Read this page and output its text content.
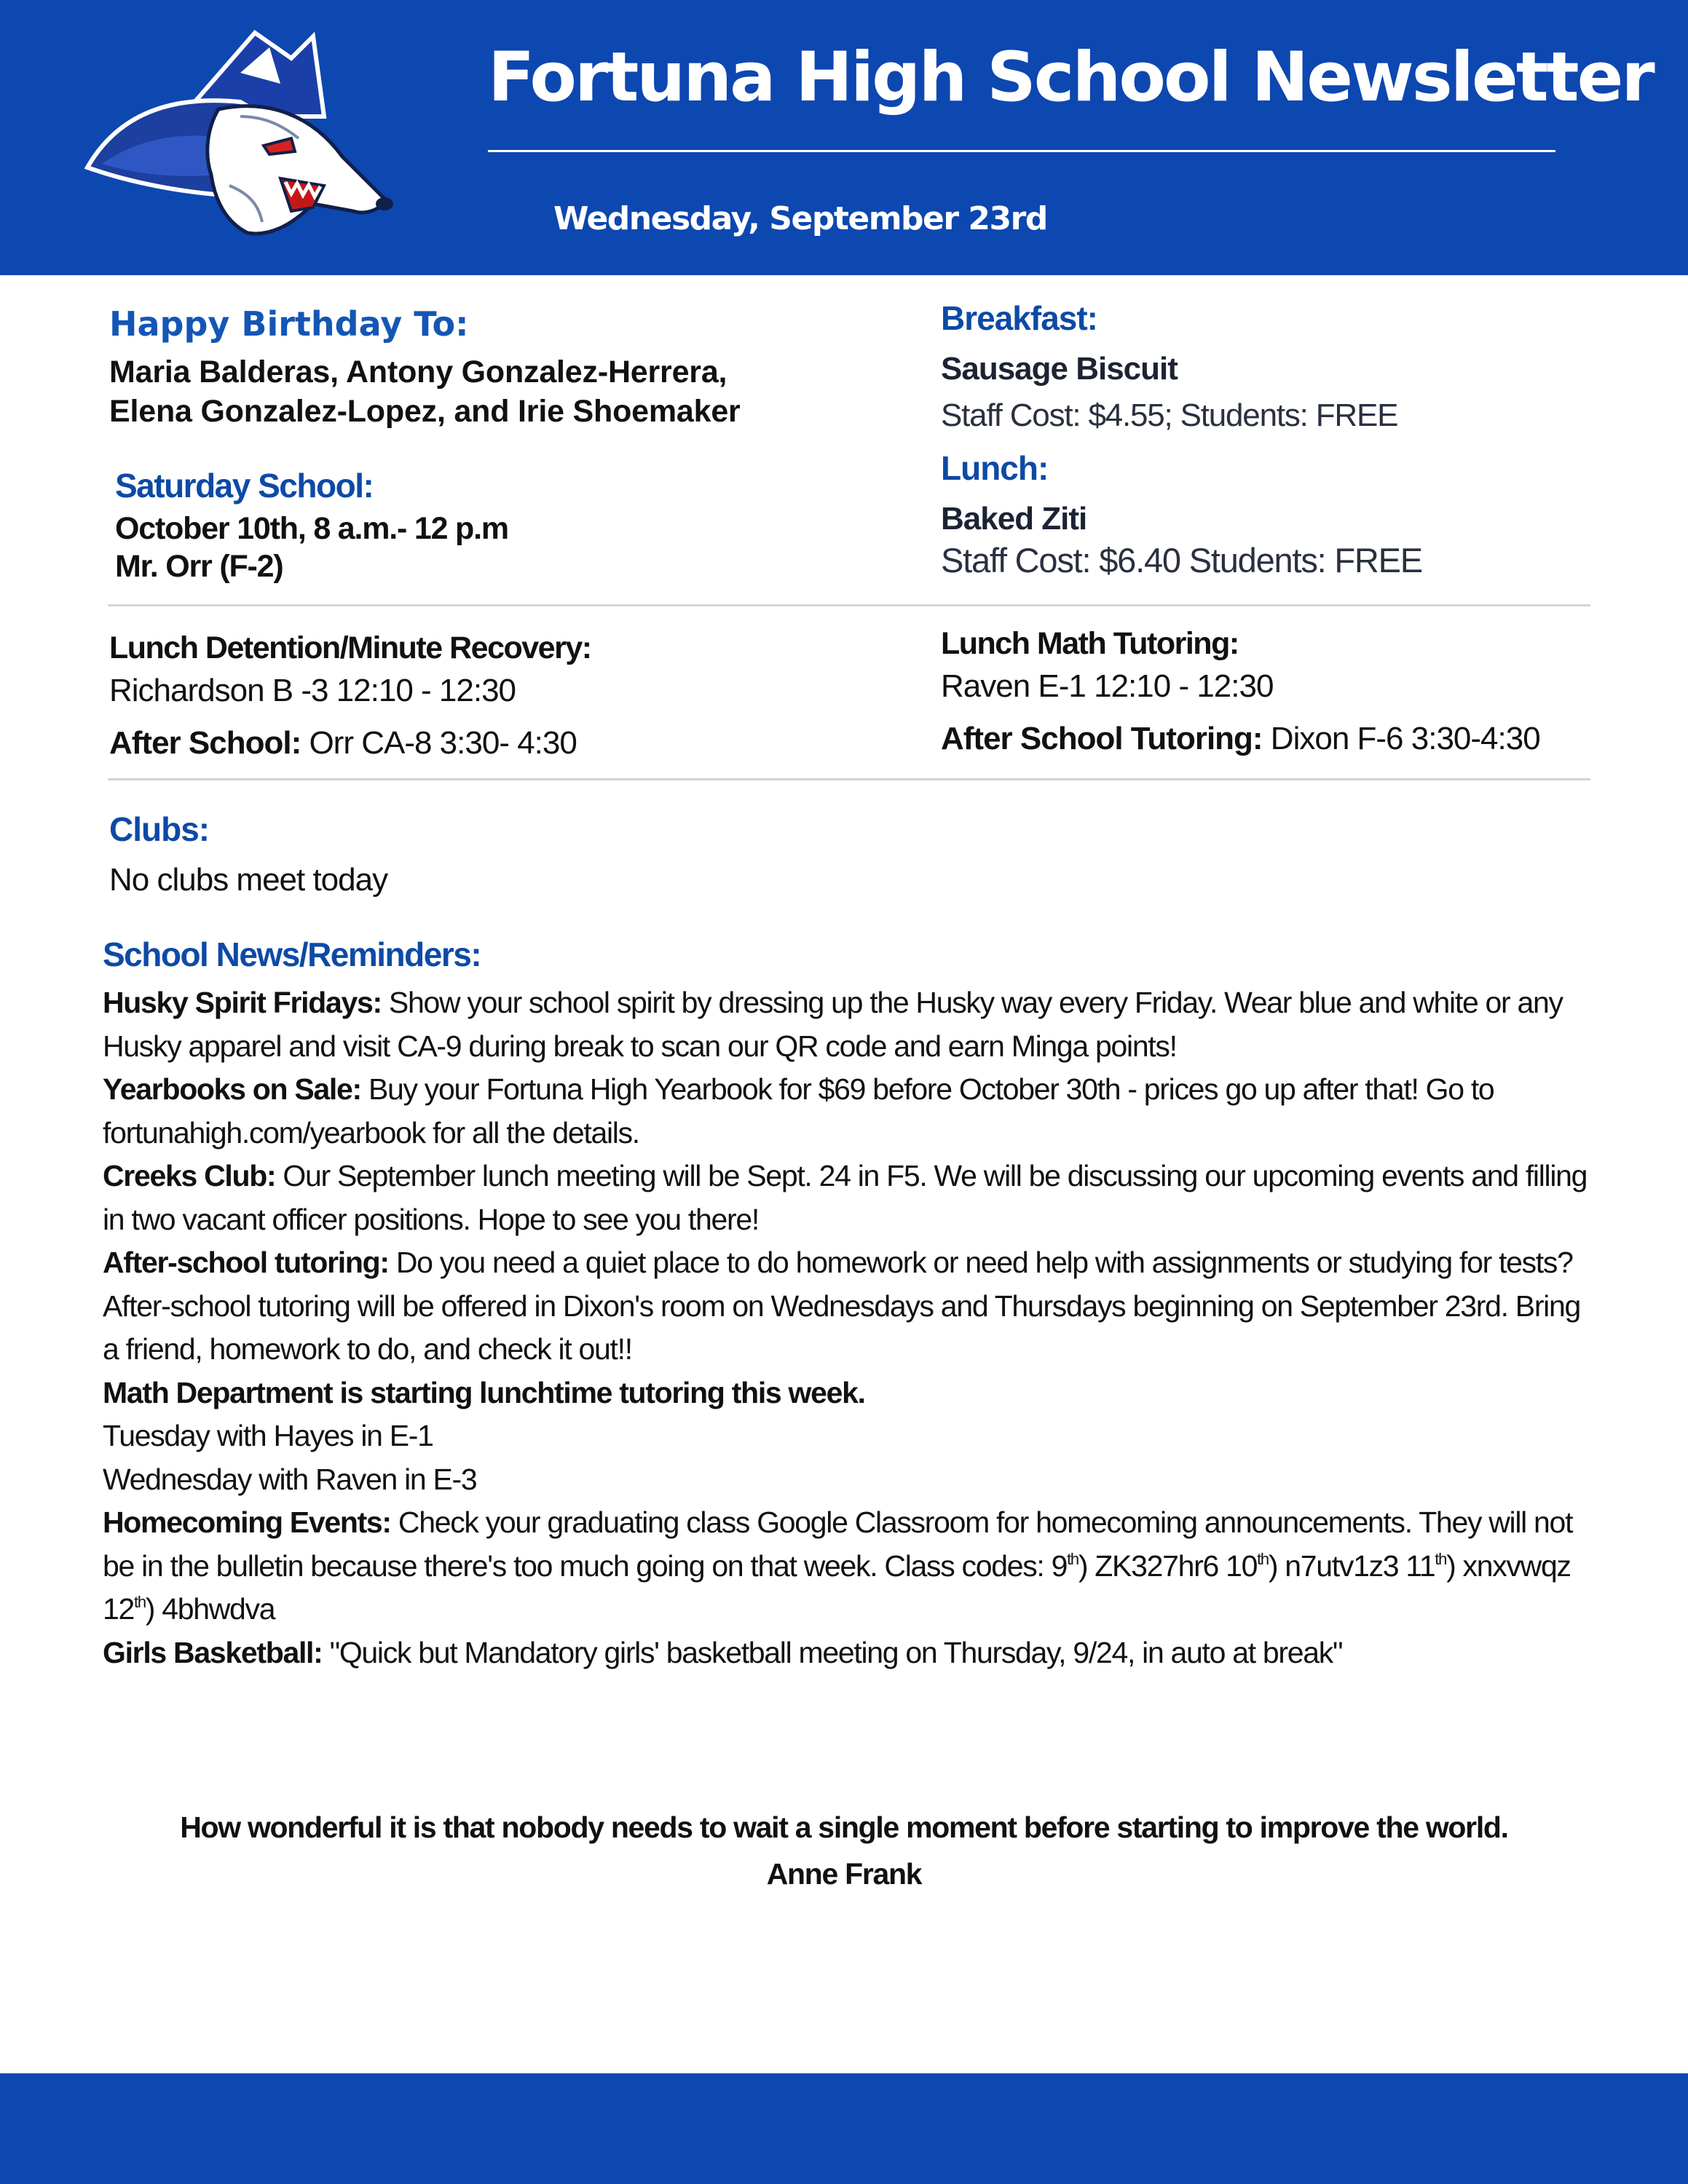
Fortuna High School Newsletter
Wednesday, September 23rd
Happy Birthday To:
Maria Balderas, Antony Gonzalez-Herrera,
Elena Gonzalez-Lopez, and Irie Shoemaker
Saturday School:
October 10th, 8 a.m.- 12 p.m
Mr. Orr (F-2)
Breakfast:
Sausage Biscuit
Staff Cost: $4.55; Students: FREE
Lunch:
Baked Ziti
Staff Cost: $6.40 Students: FREE
Lunch Detention/Minute Recovery:
Richardson B -3 12:10 - 12:30
After School: Orr CA-8 3:30- 4:30
Lunch Math Tutoring:
Raven E-1 12:10 - 12:30
After School Tutoring: Dixon F-6 3:30-4:30
Clubs:
No clubs meet today
School News/Reminders:

Husky Spirit Fridays: Show your school spirit by dressing up the Husky way every Friday. Wear blue and white or any Husky apparel and visit CA-9 during break to scan our QR code and earn Minga points!

Yearbooks on Sale: Buy your Fortuna High Yearbook for $69 before October 30th - prices go up after that! Go to fortunahigh.com/yearbook for all the details.

Creeks Club: Our September lunch meeting will be Sept. 24 in F5. We will be discussing our upcoming events and filling in two vacant officer positions. Hope to see you there!

After-school tutoring: Do you need a quiet place to do homework or need help with assignments or studying for tests? After-school tutoring will be offered in Dixon's room on Wednesdays and Thursdays beginning on September 23rd. Bring a friend, homework to do, and check it out!!

Math Department is starting lunchtime tutoring this week.

Tuesday with Hayes in E-1

Wednesday with Raven in E-3

Homecoming Events: Check your graduating class Google Classroom for homecoming announcements. They will not be in the bulletin because there's too much going on that week. Class codes: 9th) ZK327hr6 10th) n7utv1z3 11th) xnxvwqz 12th) 4bhwdva

Girls Basketball: "Quick but Mandatory girls' basketball meeting on Thursday, 9/24, in auto at break"

How wonderful it is that nobody needs to wait a single moment before starting to improve the world.
Anne Frank
